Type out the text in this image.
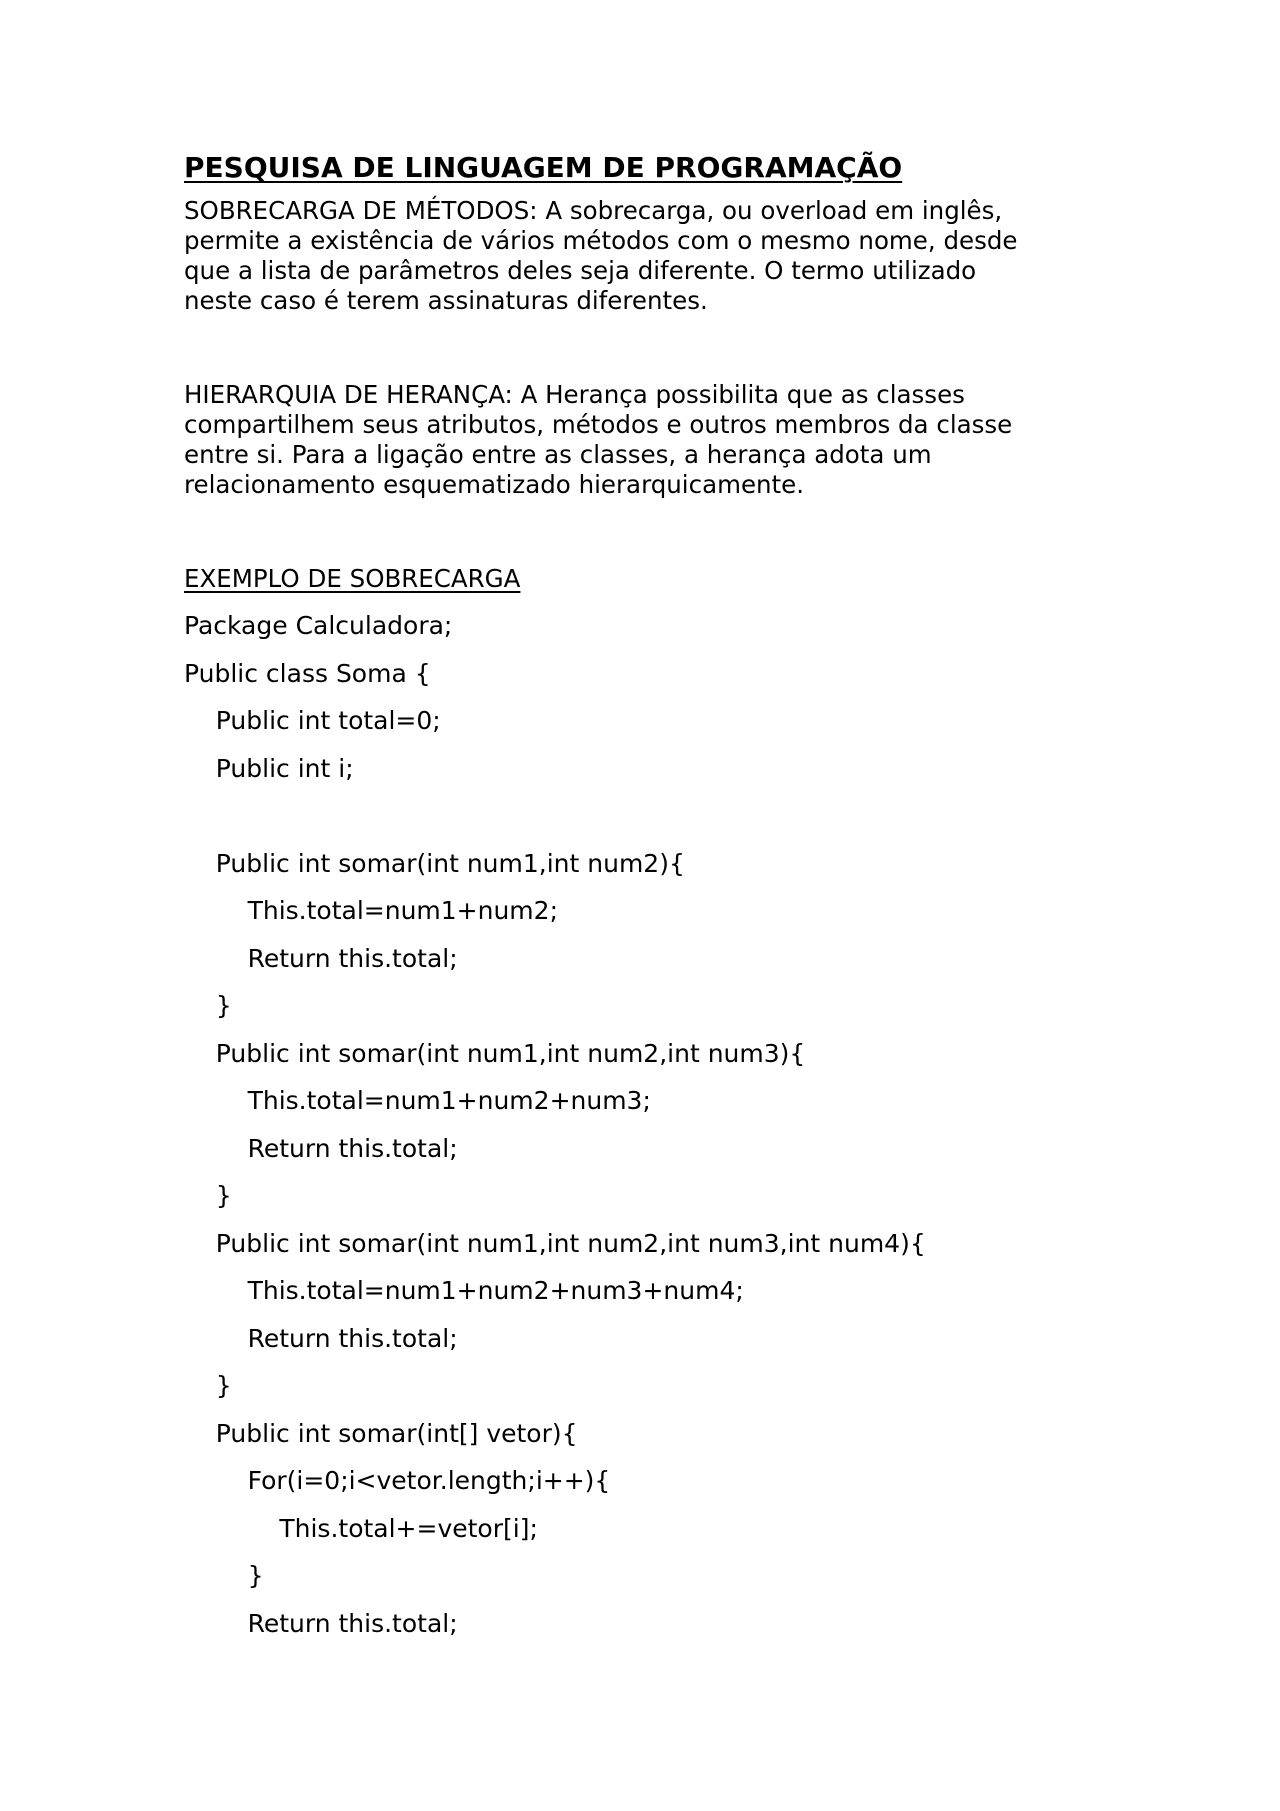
PESQUISA DE LINGUAGEM DE PROGRAMAÇÃO

SOBRECARGA DE MÉTODOS: A sobrecarga, ou overload em inglês,
permite a existência de vários métodos com o mesmo nome, desde
que a lista de parâmetros deles seja diferente. O termo utilizado
neste caso é terem assinaturas diferentes.

HIERARQUIA DE HERANÇA: A Herança possibilita que as classes
compartilhem seus atributos, métodos e outros membros da classe
entre si. Para a ligação entre as classes, a herança adota um
relacionamento esquematizado hierarquicamente.

EXEMPLO DE SOBRECARGA

Package Calculadora;
Public class Soma {
Public int total=0;
Public int i;
Public int somar(int num1,int num2){
This.total=num1+num2;
Return this.total;
}
Public int somar(int num1,int num2,int num3){
This.total=num1+num2+num3;
Return this.total;
}
Public int somar(int num1,int num2,int num3,int num4){
This.total=num1+num2+num3+num4;
Return this.total;
}
Public int somar(int[] vetor){
For(i=0;i<vetor.length;i++){
This.total+=vetor[i];
}
Return this.total;
